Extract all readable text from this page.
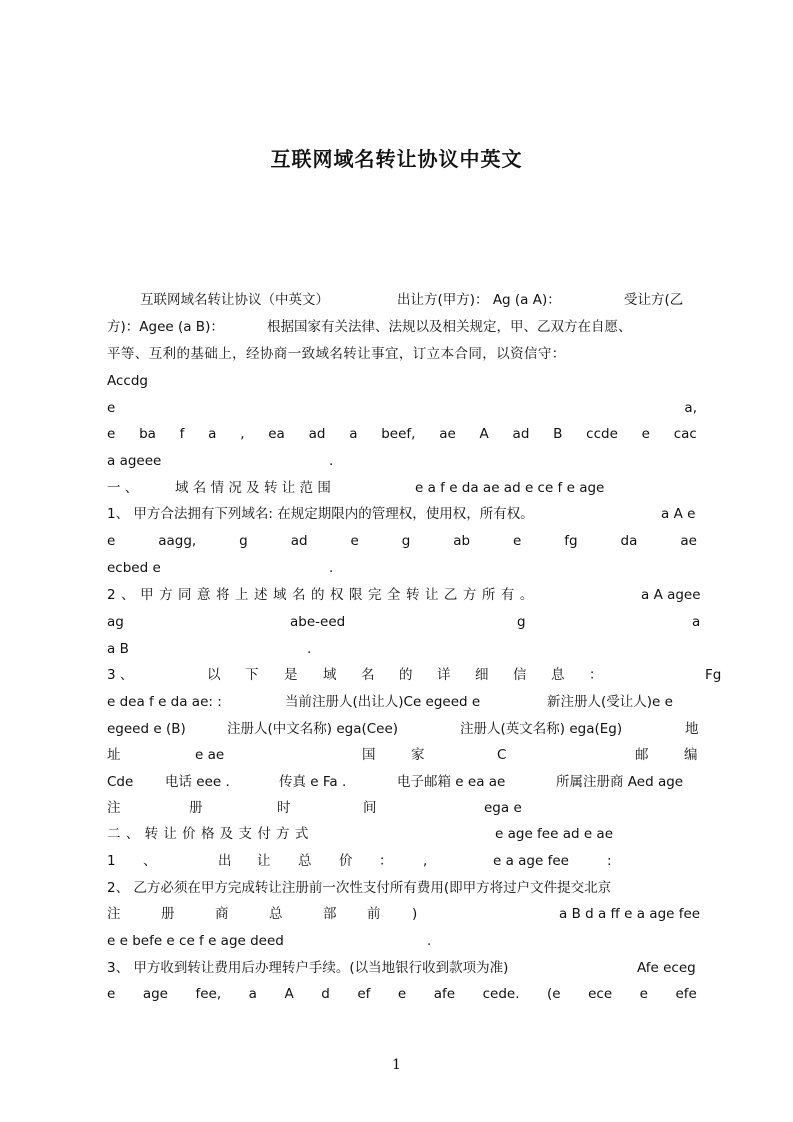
互联网域名转让协议中英文
互联网域名转让协议（中英文）	出让方(甲方)： Ag (a A)：	受让方(乙
方)：Agee (a B)：	根据国家有关法律、法规以及相关规定，甲、乙双方在自愿、
平等、互利的基础上，经协商一致域名转让事宜，订立本合同，以资信守：
Accdg
e	a,
e ba f a , ea ad a beef, ae A ad B ccde e cac
a ageee	.
一 、	域 名 情 况 及 转 让 范 围	e a f e da ae ad e ce f e age
1、 甲方合法拥有下列域名: 在规定期限内的管理权，使用权，所有权。	a A e
e	aagg,	g	ad	e	g	ab	e	fg	da	ae
ecbed e	.
2 、 甲 方 同 意 将 上 述 域 名 的 权 限 完 全 转 让 乙 方 所 有 。	a A agee
ag	abe-eed	g	a
a B	.
3 、	以 下 是 域 名 的 详 细 信 息 ：	Fg
e dea f e da ae: :	当前注册人(出让人)Ce egeed e	新注册人(受让人)e e
egeed e (B)	注册人(中文名称) ega(Cee)	注册人(英文名称) ega(Eg)	地
址	e ae	国	家	C	邮	编
Cde 电话 eee .	传真 e Fa .	电子邮箱 e ea ae	所属注册商 Aed age
注	册	时	间	ega e
二 、 转 让 价 格 及 支 付 方 式	e age fee ad e ae
1 、	出 让 总 价 ： ,	e a age fee	:
2、 乙方必须在甲方完成转让注册前一次性支付所有费用(即甲方将过户文件提交北京
注	册	商	总	部 前 )	a B d a ff e a age fee
e e befe e ce f e age deed	.
3、 甲方收到转让费用后办理转户手续。(以当地银行收到款项为准)	Afe eceg
e age fee, a A d ef e afe cede. (e ece e efe
1
